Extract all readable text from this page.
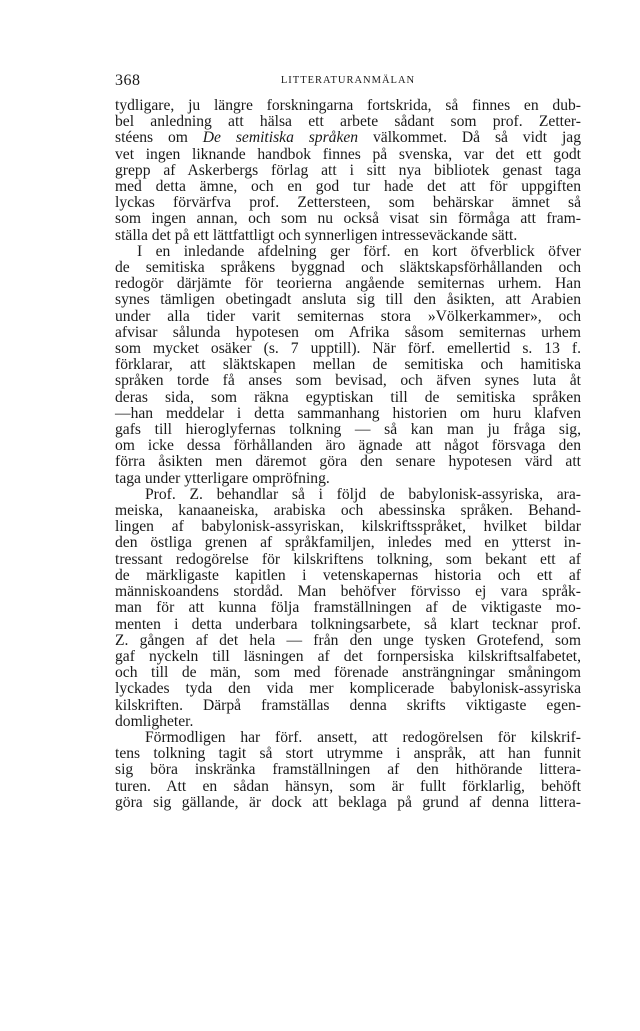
368	LITTERATURANMÄLAN
tydligare, ju längre forskningarna fortskrida, så finnes en dub-
bel anledning att hälsa ett arbete sådant som prof. Zetter-
stéens om De semitiska språken välkommet. Då så vidt jag
vet ingen liknande handbok finnes på svenska, var det ett godt
grepp af Askerbergs förlag att i sitt nya bibliotek genast taga
med detta ämne, och en god tur hade det att för uppgiften
lyckas förvärfva prof. Zettersteen, som behärskar ämnet så
som ingen annan, och som nu också visat sin förmåga att fram-
ställa det på ett lättfattligt och synnerligen intresseväckande sätt.
I en inledande afdelning ger förf. en kort öfverblick öfver
de semitiska språkens byggnad och släktskapsförhållanden och
redogör därjämte för teorierna angående semiternas urhem. Han
synes tämligen obetingadt ansluta sig till den åsikten, att Arabien
under alla tider varit semiternas stora »Völkerkammer», och
afvisar sålunda hypotesen om Afrika såsom semiternas urhem
som mycket osäker (s. 7 upptill). När förf. emellertid s. 13 f.
förklarar, att släktskapen mellan de semitiska och hamitiska
språken torde få anses som bevisad, och äfven synes luta åt
deras sida, som räkna egyptiskan till de semitiska språken
—han meddelar i detta sammanhang historien om huru klafven
gafs till hieroglyfernas tolkning — så kan man ju fråga sig,
om icke dessa förhållanden äro ägnade att något försvaga den
förra åsikten men däremot göra den senare hypotesen värd att
taga under ytterligare ompröfning.
Prof. Z. behandlar så i följd de babylonisk-assyriska, ara-
meiska, kanaaneiska, arabiska och abessinska språken. Behand-
lingen af babylonisk-assyriskan, kilskriftsspråket, hvilket bildar
den östliga grenen af språkfamiljen, inledes med en ytterst in-
tressant redogörelse för kilskriftens tolkning, som bekant ett af
de märkligaste kapitlen i vetenskapernas historia och ett af
människoandens stordåd. Man behöfver förvisso ej vara språk-
man för att kunna följa framställningen af de viktigaste mo-
menten i detta underbara tolkningsarbete, så klart tecknar prof.
Z. gången af det hela — från den unge tysken Grotefend, som
gaf nyckeln till läsningen af det fornpersiska kilskriftsalfabetet,
och till de män, som med förenade ansträngningar småningom
lyckades tyda den vida mer komplicerade babylonisk-assyriska
kilskriften. Därpå framställas denna skrifts viktigaste egen-
domligheter.
Förmodligen har förf. ansett, att redogörelsen för kilskrif-
tens tolkning tagit så stort utrymme i anspråk, att han funnit
sig böra inskränka framställningen af den hithörande littera-
turen. Att en sådan hänsyn, som är fullt förklarlig, behöft
göra sig gällande, är dock att beklaga på grund af denna littera-
